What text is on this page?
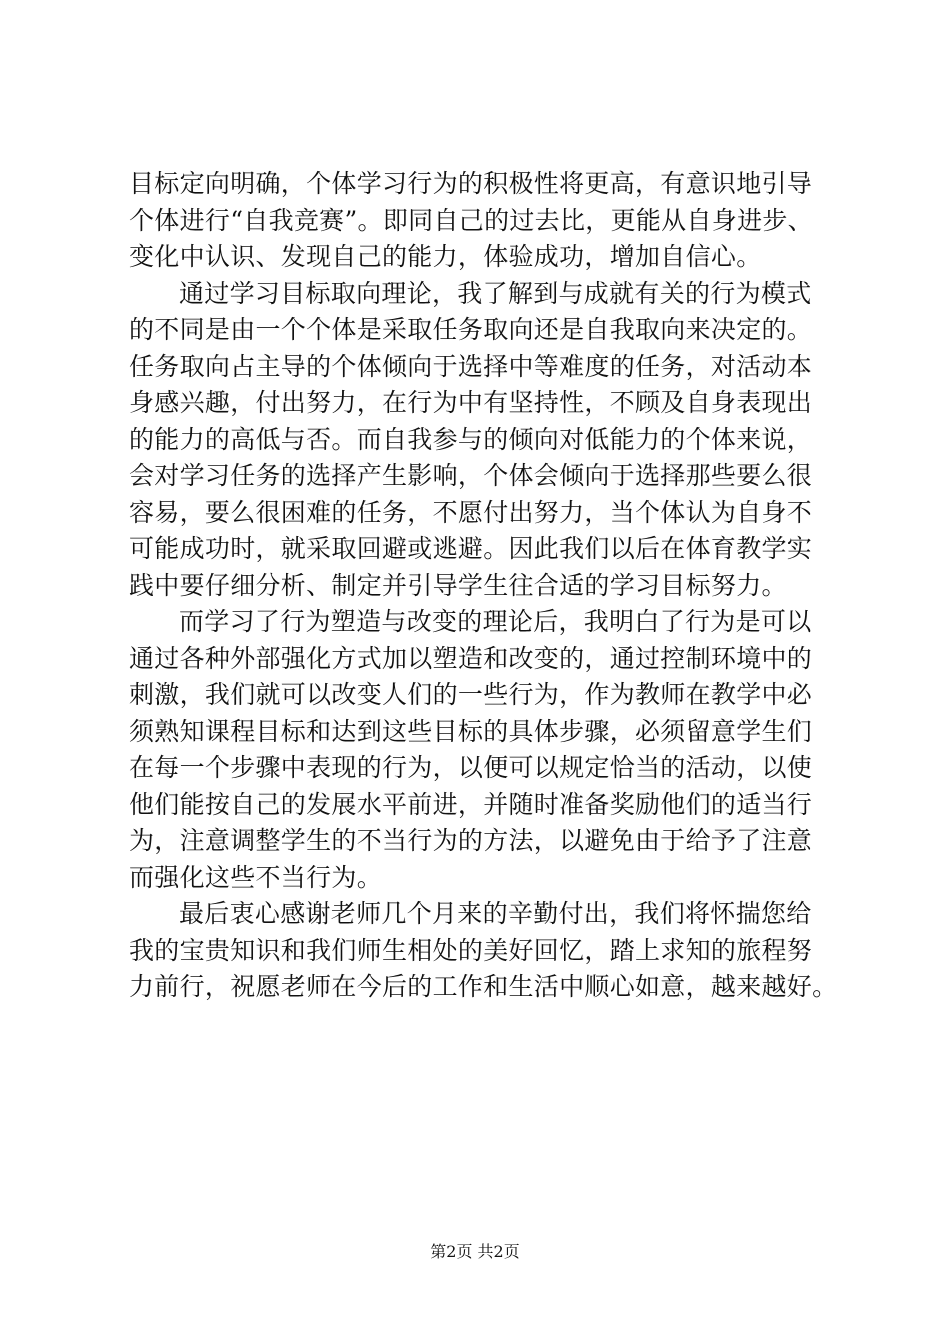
目标定向明确，个体学习行为的积极性将更高，有意识地引导
个体进行“自我竞赛”。即同自己的过去比，更能从自身进步、
变化中认识、发现自己的能力，体验成功，增加自信心。
通过学习目标取向理论，我了解到与成就有关的行为模式
的不同是由一个个体是采取任务取向还是自我取向来决定的。
任务取向占主导的个体倾向于选择中等难度的任务，对活动本
身感兴趣，付出努力，在行为中有坚持性，不顾及自身表现出
的能力的高低与否。而自我参与的倾向对低能力的个体来说，
会对学习任务的选择产生影响，个体会倾向于选择那些要么很
容易，要么很困难的任务，不愿付出努力，当个体认为自身不
可能成功时，就采取回避或逃避。因此我们以后在体育教学实
践中要仔细分析、制定并引导学生往合适的学习目标努力。
而学习了行为塑造与改变的理论后，我明白了行为是可以
通过各种外部强化方式加以塑造和改变的，通过控制环境中的
刺激，我们就可以改变人们的一些行为，作为教师在教学中必
须熟知课程目标和达到这些目标的具体步骤，必须留意学生们
在每一个步骤中表现的行为，以便可以规定恰当的活动，以使
他们能按自己的发展水平前进，并随时准备奖励他们的适当行
为，注意调整学生的不当行为的方法，以避免由于给予了注意
而强化这些不当行为。
最后衷心感谢老师几个月来的辛勤付出，我们将怀揣您给
我的宝贵知识和我们师生相处的美好回忆，踏上求知的旅程努
力前行，祝愿老师在今后的工作和生活中顺心如意，越来越好。
第2页 共2页
